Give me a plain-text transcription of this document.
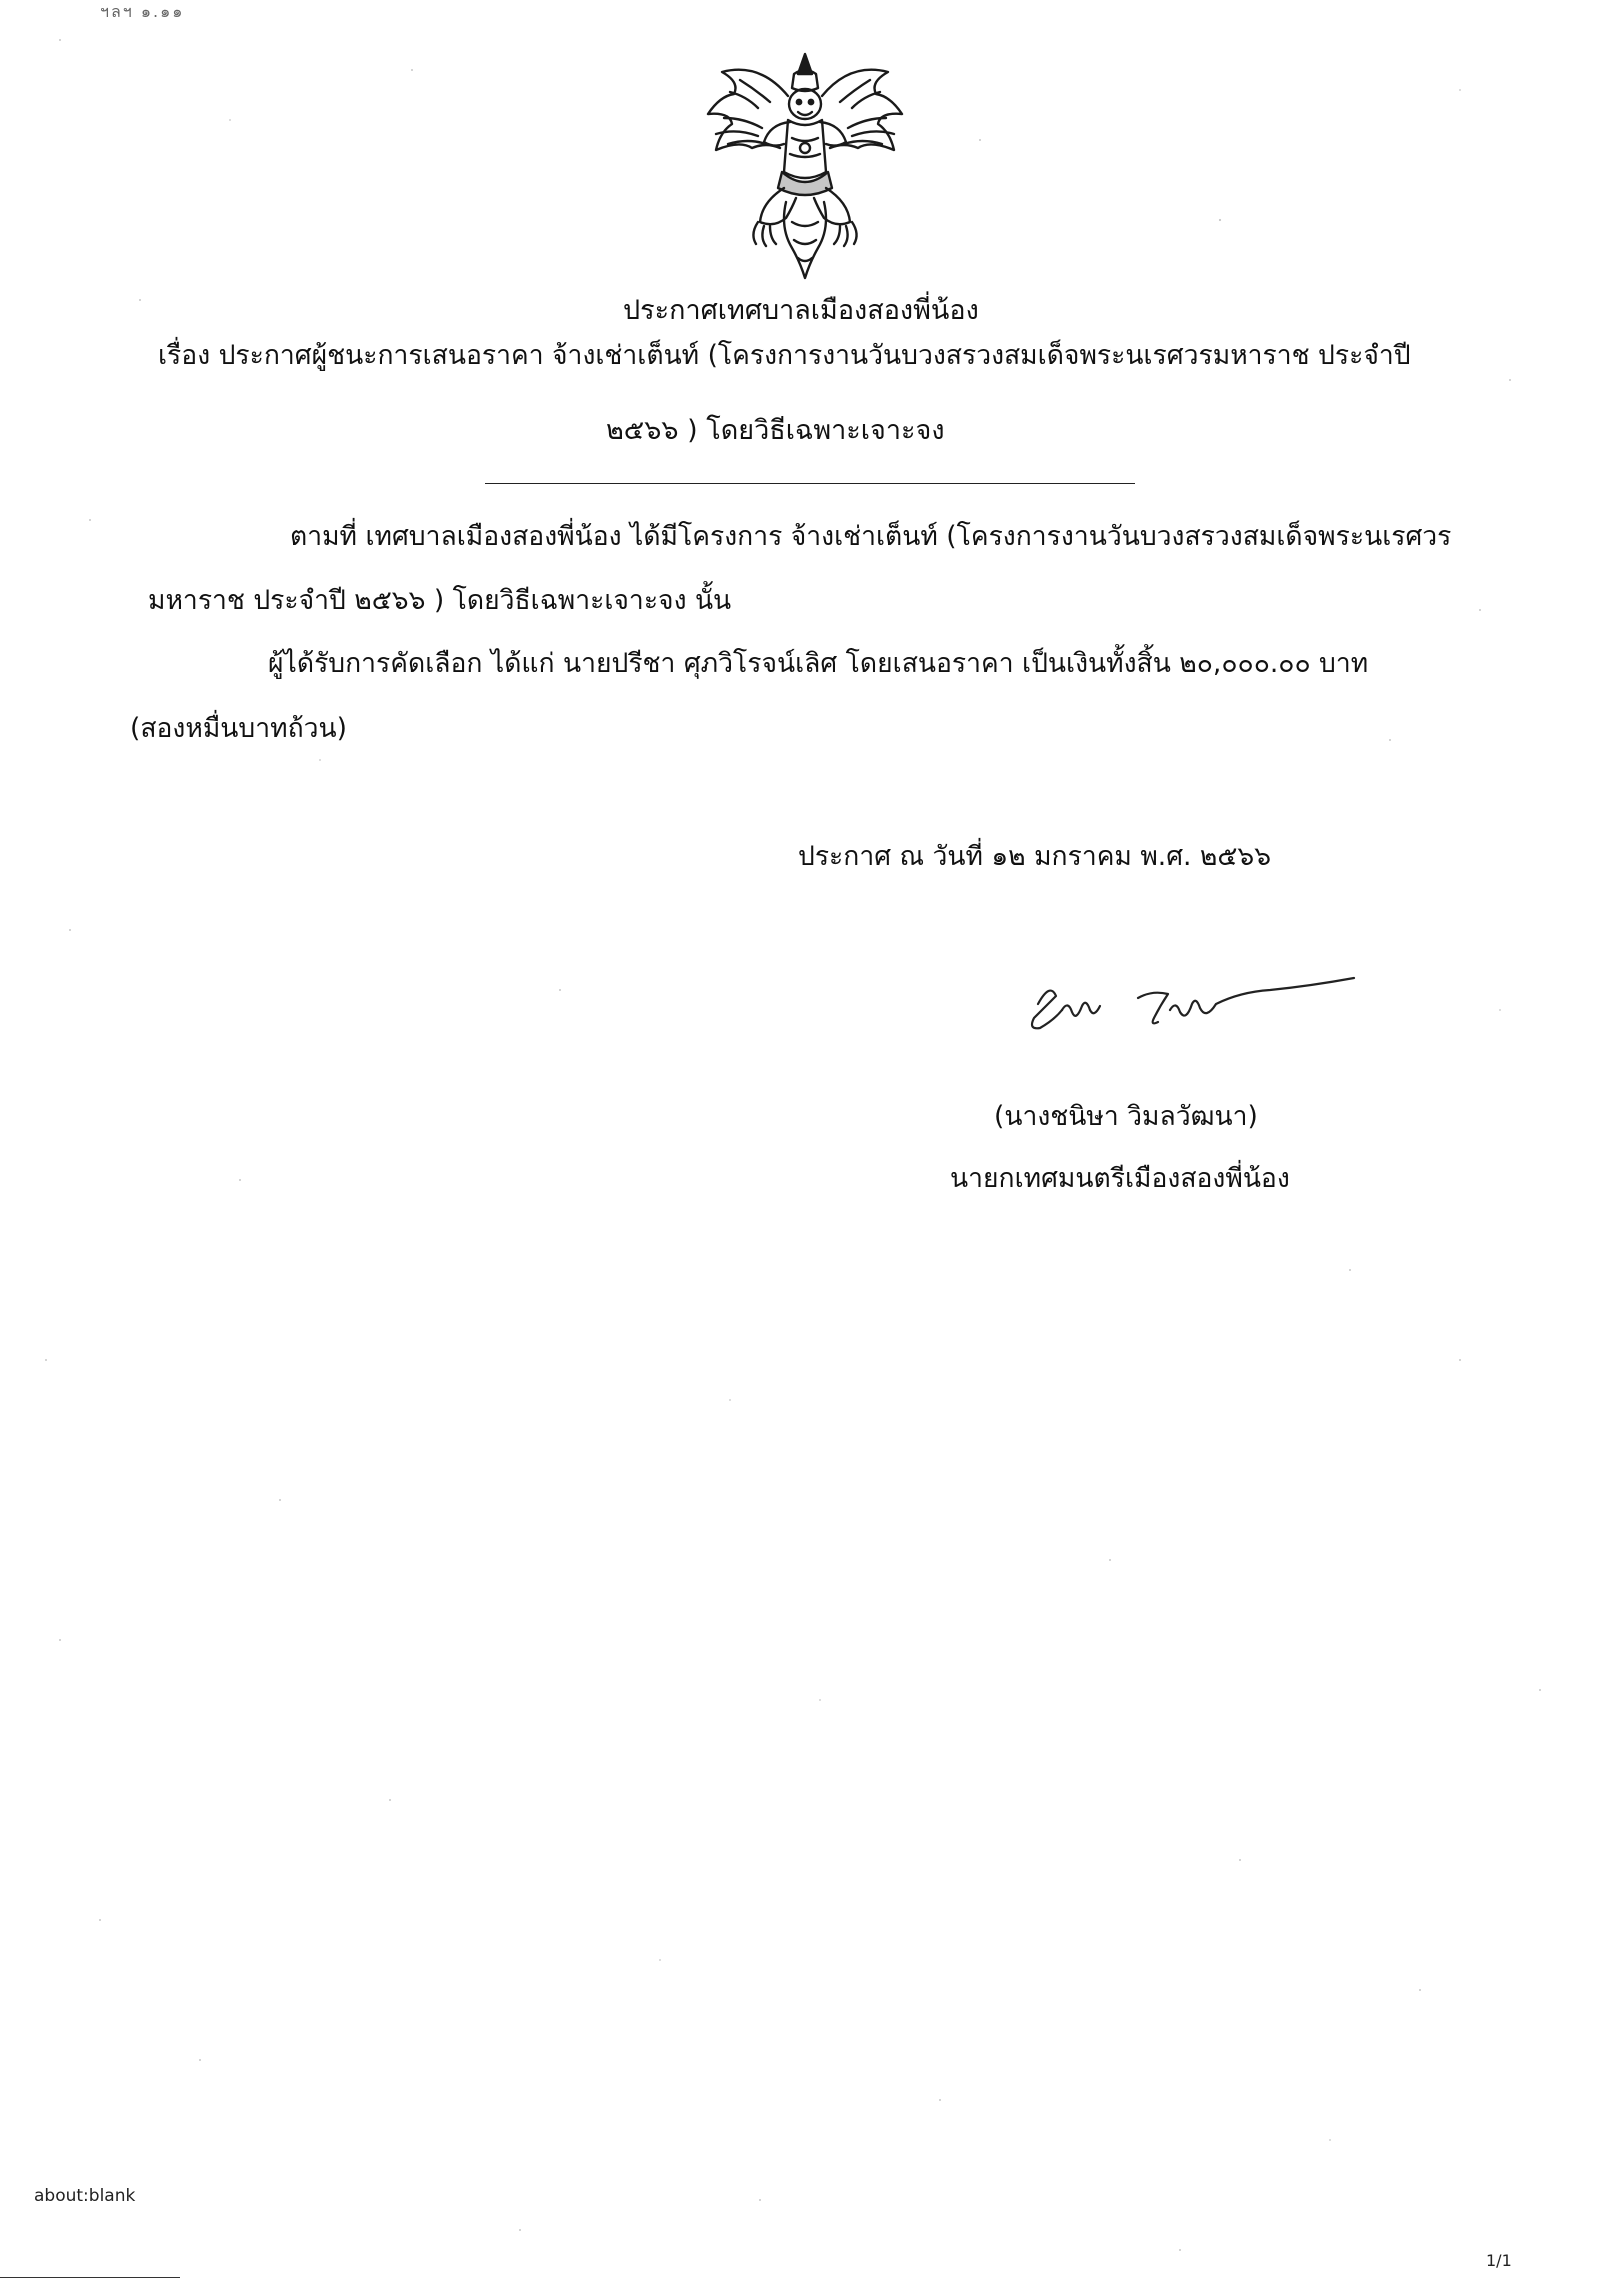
ฯลฯ ๑.๑๑
ประกาศเทศบาลเมืองสองพี่น้อง
เรื่อง ประกาศผู้ชนะการเสนอราคา จ้างเช่าเต็นท์ (โครงการงานวันบวงสรวงสมเด็จพระนเรศวรมหาราช ประจำปี
๒๕๖๖ ) โดยวิธีเฉพาะเจาะจง
ตามที่ เทศบาลเมืองสองพี่น้อง ได้มีโครงการ จ้างเช่าเต็นท์ (โครงการงานวันบวงสรวงสมเด็จพระนเรศวร
มหาราช ประจำปี ๒๕๖๖ ) โดยวิธีเฉพาะเจาะจง นั้น
ผู้ได้รับการคัดเลือก ได้แก่ นายปรีชา ศุภวิโรจน์เลิศ โดยเสนอราคา เป็นเงินทั้งสิ้น ๒๐,๐๐๐.๐๐ บาท
(สองหมื่นบาทถ้วน)
ประกาศ ณ วันที่ ๑๒ มกราคม พ.ศ. ๒๕๖๖
(นางชนิษา วิมลวัฒนา)
นายกเทศมนตรีเมืองสองพี่น้อง
about:blank
1/1
